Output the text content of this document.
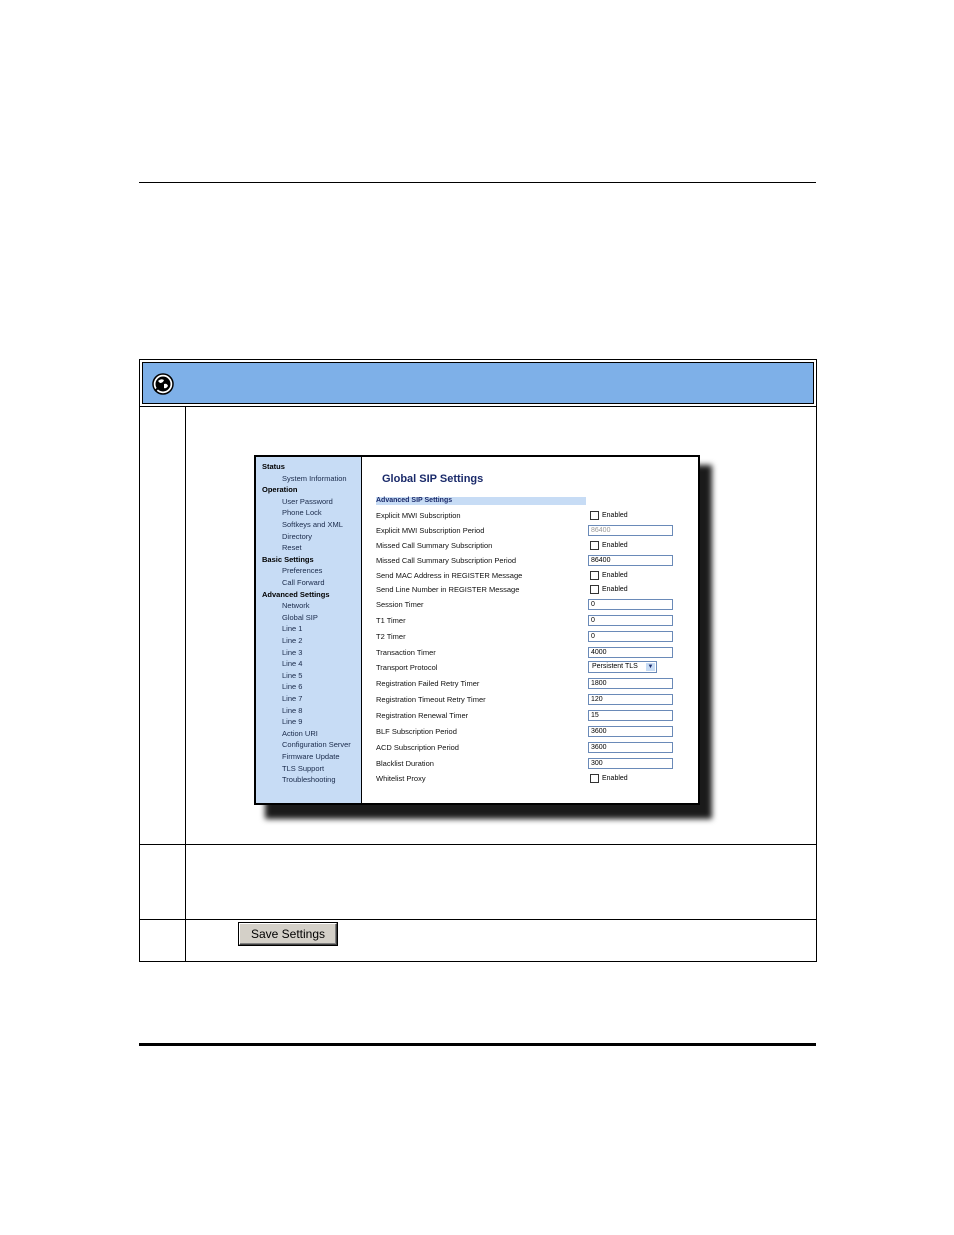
Status
System Information
Operation
User Password
Phone Lock
Softkeys and XML
Directory
Reset
Basic Settings
Preferences
Call Forward
Advanced Settings
Network
Global SIP
Line 1
Line 2
Line 3
Line 4
Line 5
Line 6
Line 7
Line 8
Line 9
Action URI
Configuration Server
Firmware Update
TLS Support
Troubleshooting
Global SIP Settings
Advanced SIP Settings
Explicit MWI Subscription	Enabled
Explicit MWI Subscription Period	86400
Missed Call Summary Subscription	Enabled
Missed Call Summary Subscription Period	86400
Send MAC Address in REGISTER Message	Enabled
Send Line Number in REGISTER Message	Enabled
Session Timer	0
T1 Timer	0
T2 Timer	0
Transaction Timer	4000
Transport Protocol	Persistent TLS ▼
Registration Failed Retry Timer	1800
Registration Timeout Retry Timer	120
Registration Renewal Timer	15
BLF Subscription Period	3600
ACD Subscription Period	3600
Blacklist Duration	300
Whitelist Proxy	Enabled
Save Settings
